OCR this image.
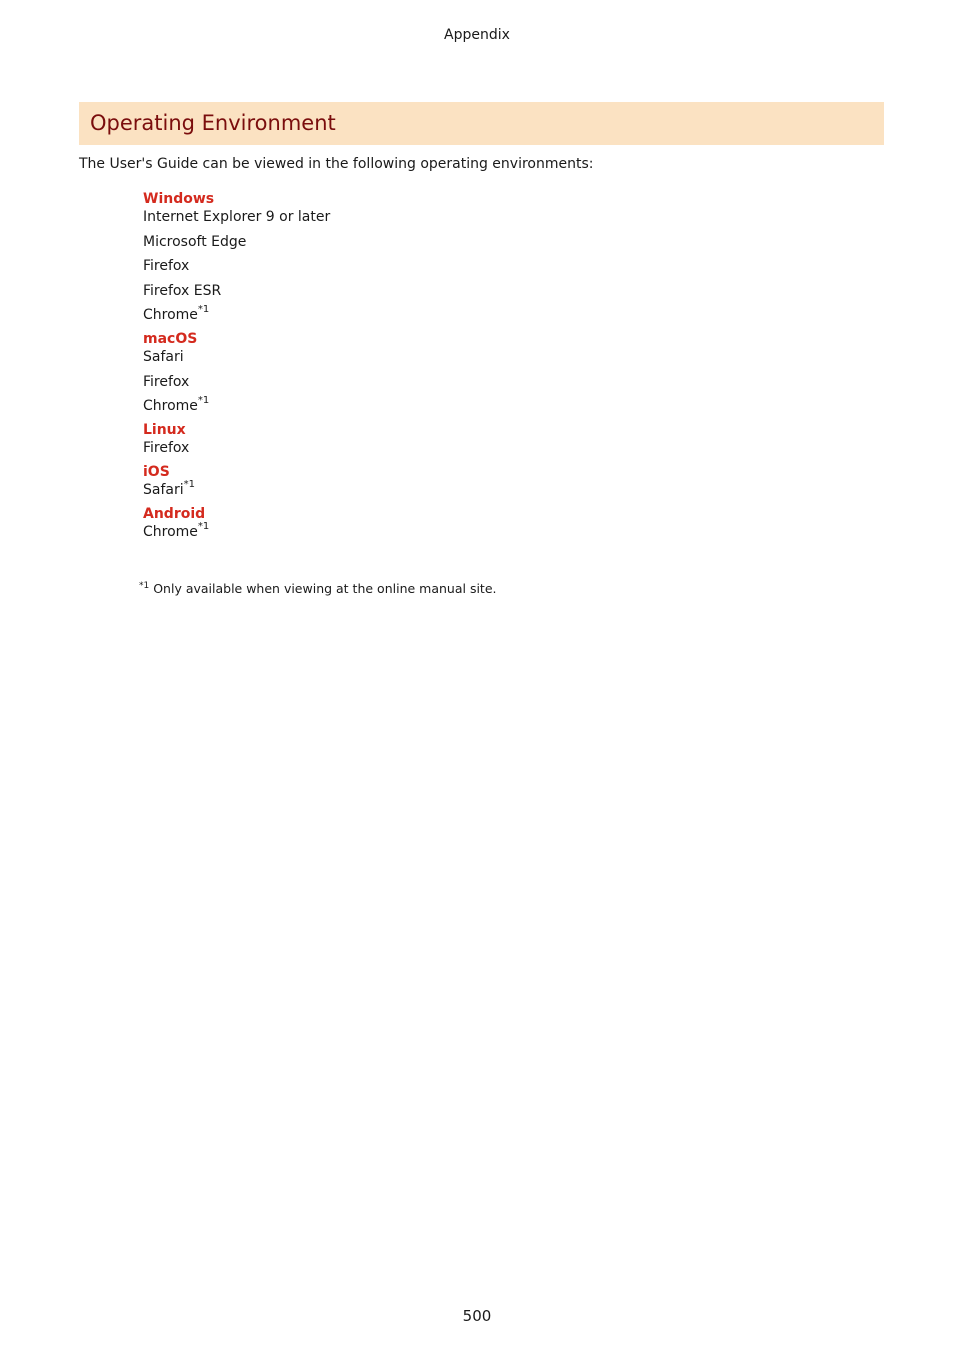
Appendix
Operating Environment
The User's Guide can be viewed in the following operating environments:
Windows
Internet Explorer 9 or later
Microsoft Edge
Firefox
Firefox ESR
Chrome$^{*1}$
macOS
Safari
Firefox
Chrome$^{*1}$
Linux
Firefox
iOS
Safari$^{*1}$
Android
Chrome$^{*1}$
$^{*1}$ Only available when viewing at the online manual site.
500
